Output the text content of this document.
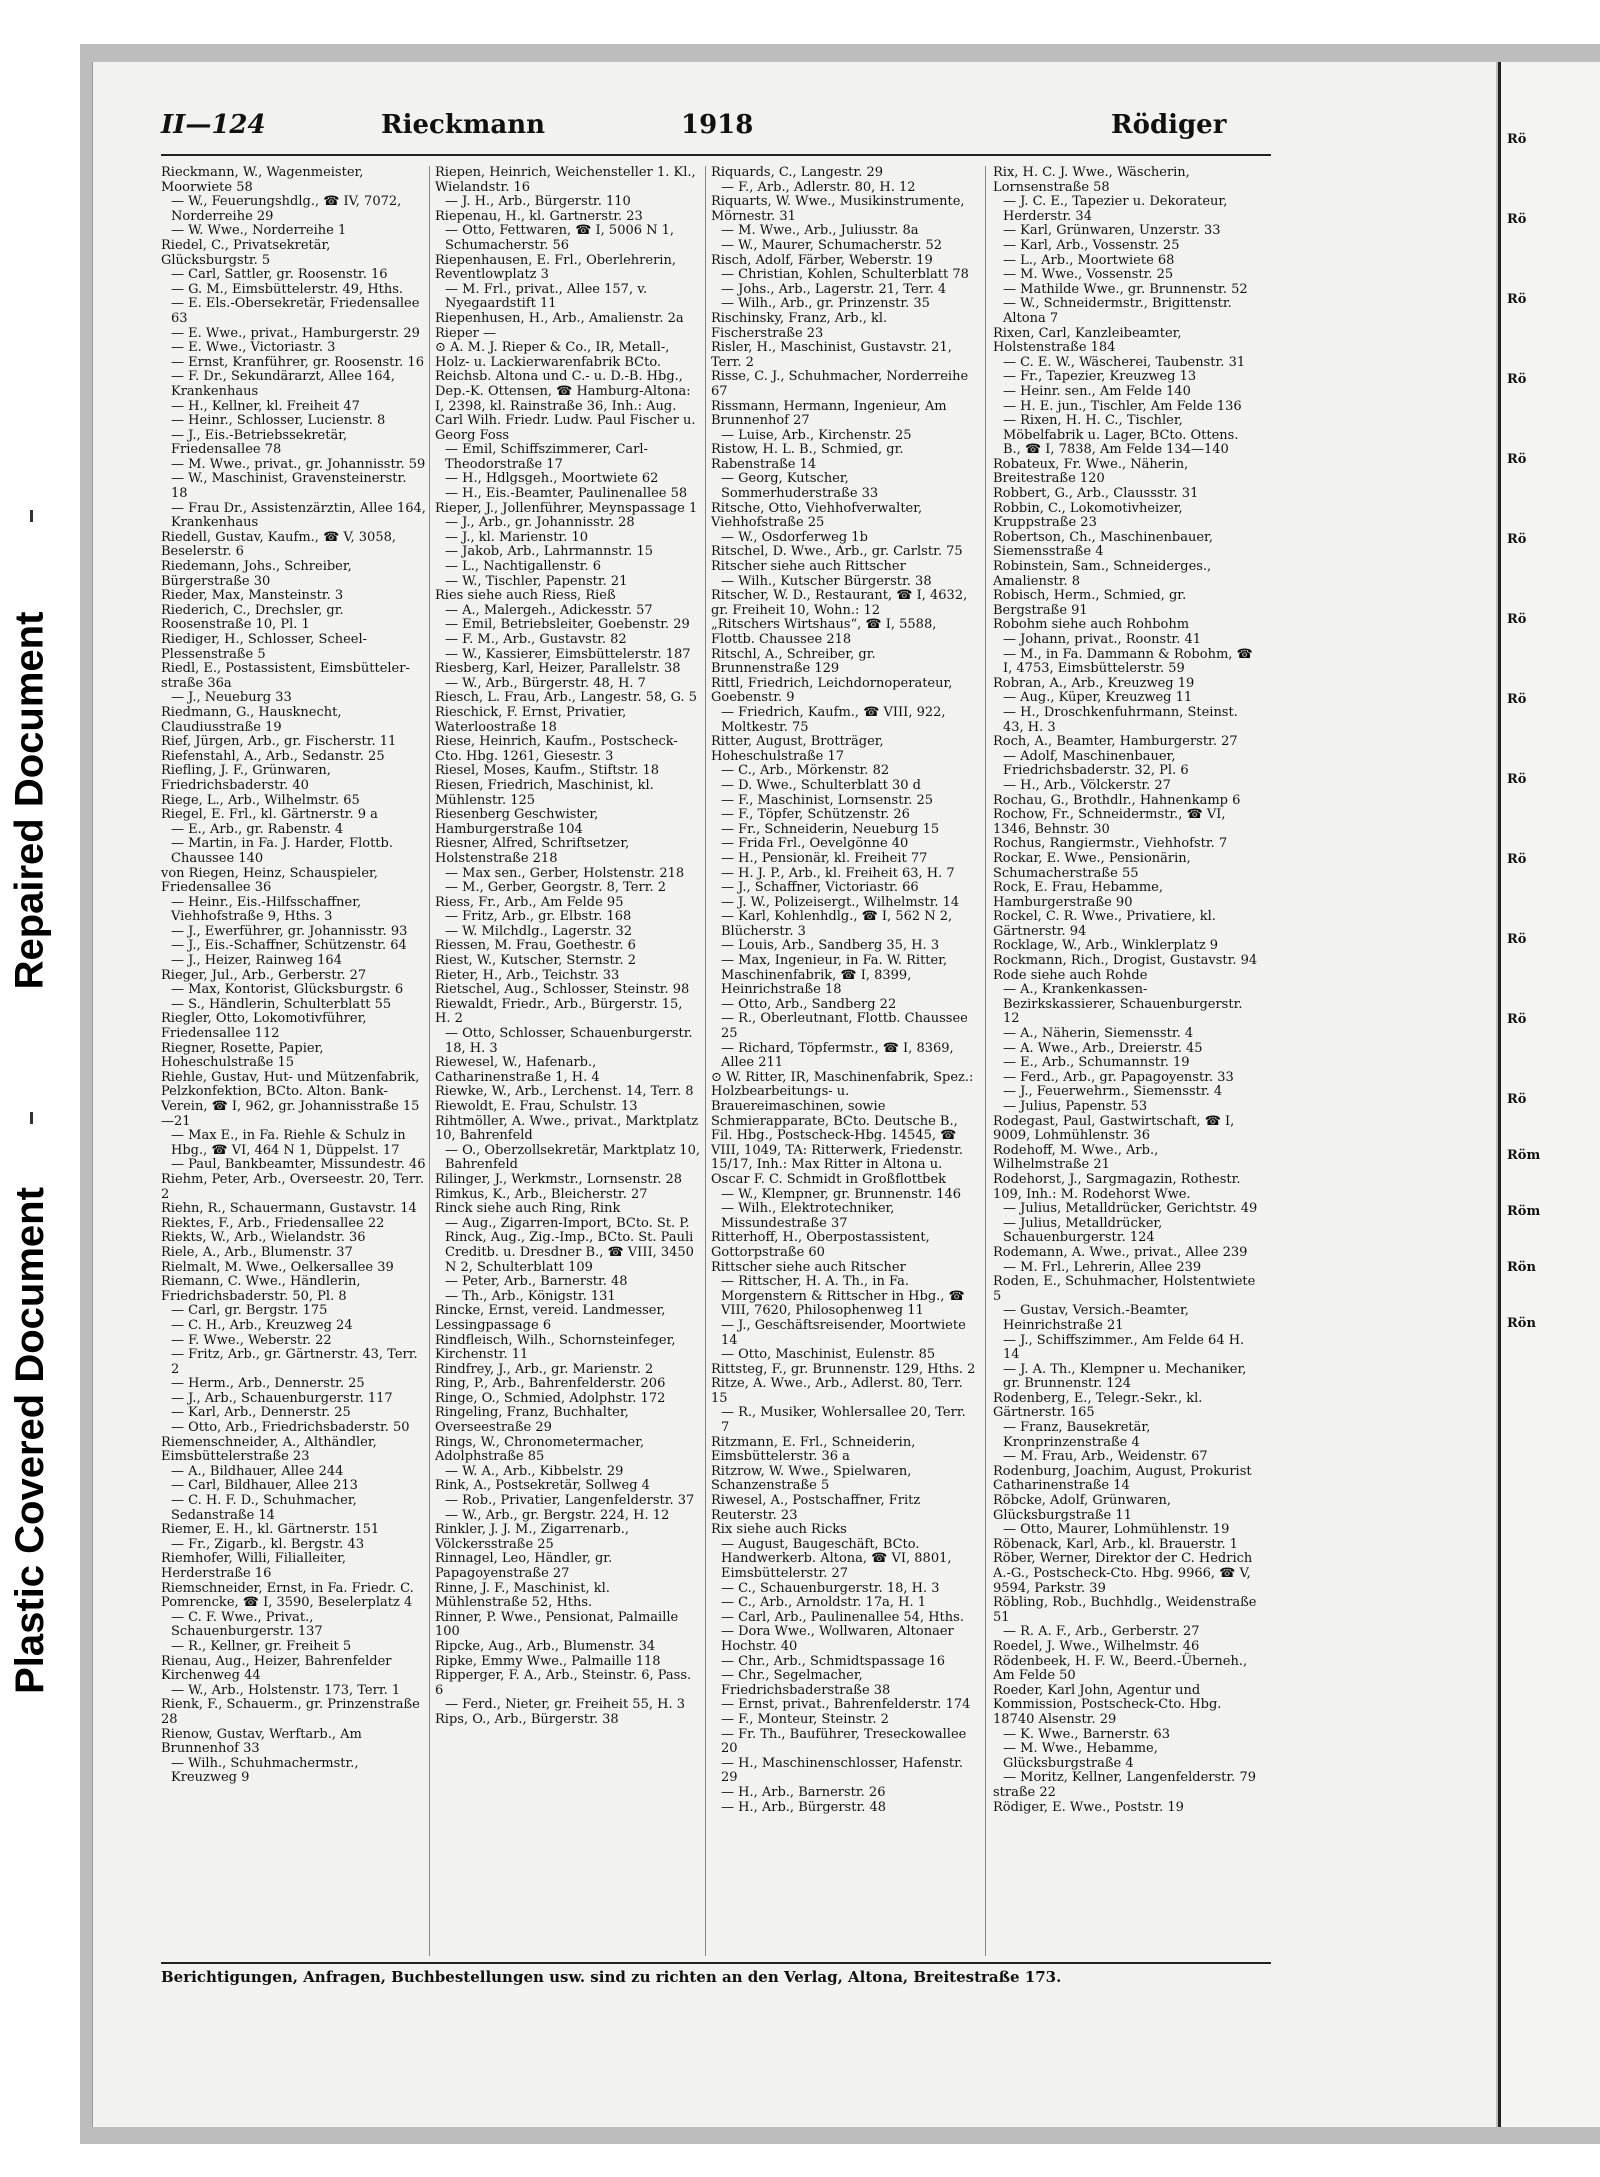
Repaired Document
Plastic Covered Document
II—124	Rieckmann	1918	Rödiger
Rieckmann, W., Wagenmeister, Moorwiete 58
— W., Feuerungshdlg., ☎ IV, 7072, Norderreihe 29
— W. Wwe., Norderreihe 1
Riedel, C., Privatsekretär, Glücksburgstr. 5
— Carl, Sattler, gr. Roosenstr. 16
— G. M., Eimsbüttelerstr. 49, Hths.
— E. Els.-Obersekretär, Friedensallee 63
— E. Wwe., privat., Hamburgerstr. 29
— E. Wwe., Victoriastr. 3
— Ernst, Kranführer, gr. Roosenstr. 16
— F. Dr., Sekundärarzt, Allee 164, Krankenhaus
— H., Kellner, kl. Freiheit 47
— Heinr., Schlosser, Lucienstr. 8
— J., Eis.-Betriebssekretär, Friedensallee 78
— M. Wwe., privat., gr. Johannisstr. 59
— W., Maschinist, Gravensteinerstr. 18
— Frau Dr., Assistenzärztin, Allee 164, Krankenhaus
Riedell, Gustav, Kaufm., ☎ V, 3058, Beselerstr. 6
Riedemann, Johs., Schreiber, Bürgerstraße 30
Rieder, Max, Mansteinstr. 3
Riederich, C., Drechsler, gr. Roosenstraße 10, Pl. 1
Riediger, H., Schlosser, Scheel-Plessenstraße 5
Riedl, E., Postassistent, Eimsbütteler-straße 36a
— J., Neueburg 33
Riedmann, G., Hausknecht, Claudiusstraße 19
Rief, Jürgen, Arb., gr. Fischerstr. 11
Riefenstahl, A., Arb., Sedanstr. 25
Riefling, J. F., Grünwaren, Friedrichsbaderstr. 40
Riege, L., Arb., Wilhelmstr. 65
Riegel, E. Frl., kl. Gärtnerstr. 9 a
— E., Arb., gr. Rabenstr. 4
— Martin, in Fa. J. Harder, Flottb. Chaussee 140
von Riegen, Heinz, Schauspieler, Friedensallee 36
— Heinr., Eis.-Hilfsschaffner, Viehhofstraße 9, Hths. 3
— J., Ewerführer, gr. Johannisstr. 93
— J., Eis.-Schaffner, Schützenstr. 64
— J., Heizer, Rainweg 164
Rieger, Jul., Arb., Gerberstr. 27
— Max, Kontorist, Glücksburgstr. 6
— S., Händlerin, Schulterblatt 55
Riegler, Otto, Lokomotivführer, Friedensallee 112
Riegner, Rosette, Papier, Hoheschulstraße 15
Riehle, Gustav, Hut- und Mützenfabrik, Pelzkonfektion, BCto. Alton. Bank-Verein, ☎ I, 962, gr. Johannisstraße 15—21
— Max E., in Fa. Riehle & Schulz in Hbg., ☎ VI, 464 N 1, Düppelst. 17
— Paul, Bankbeamter, Missundestr. 46
Riehm, Peter, Arb., Overseestr. 20, Terr. 2
Riehn, R., Schauermann, Gustavstr. 14
Riektes, F., Arb., Friedensallee 22
Riekts, W., Arb., Wielandstr. 36
Riele, A., Arb., Blumenstr. 37
Rielmalt, M. Wwe., Oelkersallee 39
Riemann, C. Wwe., Händlerin, Friedrichsbaderstr. 50, Pl. 8
— Carl, gr. Bergstr. 175
— C. H., Arb., Kreuzweg 24
— F. Wwe., Weberstr. 22
— Fritz, Arb., gr. Gärtnerstr. 43, Terr. 2
— Herm., Arb., Dennerstr. 25
— J., Arb., Schauenburgerstr. 117
— Karl, Arb., Dennerstr. 25
— Otto, Arb., Friedrichsbaderstr. 50
Riemenschneider, A., Althändler, Eimsbüttelerstraße 23
— A., Bildhauer, Allee 244
— Carl, Bildhauer, Allee 213
— C. H. F. D., Schuhmacher, Sedanstraße 14
Riemer, E. H., kl. Gärtnerstr. 151
— Fr., Zigarb., kl. Bergstr. 43
Riemhofer, Willi, Filialleiter, Herderstraße 16
Riemschneider, Ernst, in Fa. Friedr. C. Pomrencke, ☎ I, 3590, Beselerplatz 4
— C. F. Wwe., Privat., Schauenburgerstr. 137
— R., Kellner, gr. Freiheit 5
Rienau, Aug., Heizer, Bahrenfelder Kirchenweg 44
— W., Arb., Holstenstr. 173, Terr. 1
Rienk, F., Schauerm., gr. Prinzenstraße 28
Rienow, Gustav, Werftarb., Am Brunnenhof 33
— Wilh., Schuhmachermstr., Kreuzweg 9
Riepen, Heinrich, Weichensteller 1. Kl., Wielandstr. 16
— J. H., Arb., Bürgerstr. 110
Riepenau, H., kl. Gartnerstr. 23
— Otto, Fettwaren, ☎ I, 5006 N 1, Schumacherstr. 56
Riepenhausen, E. Frl., Oberlehrerin, Reventlowplatz 3
— M. Frl., privat., Allee 157, v. Nyegaardstift 11
Riepenhusen, H., Arb., Amalienstr. 2a
Rieper —
⊙ A. M. J. Rieper & Co., IR, Metall-, Holz- u. Lackierwarenfabrik BCto. Reichsb. Altona und C.- u. D.-B. Hbg., Dep.-K. Ottensen, ☎ Hamburg-Altona: I, 2398, kl. Rainstraße 36, Inh.: Aug. Carl Wilh. Friedr. Ludw. Paul Fischer u. Georg Foss
— Emil, Schiffszimmerer, Carl-Theodorstraße 17
— H., Hdlgsgeh., Moortwiete 62
— H., Eis.-Beamter, Paulinenallee 58
Rieper, J., Jollenführer, Meynspassage 1
— J., Arb., gr. Johannisstr. 28
— J., kl. Marienstr. 10
— Jakob, Arb., Lahrmannstr. 15
— L., Nachtigallenstr. 6
— W., Tischler, Papenstr. 21
Ries siehe auch Riess, Rieß
— A., Malergeh., Adickesstr. 57
— Emil, Betriebsleiter, Goebenstr. 29
— F. M., Arb., Gustavstr. 82
— W., Kassierer, Eimsbüttelerstr. 187
Riesberg, Karl, Heizer, Parallelstr. 38
— W., Arb., Bürgerstr. 48, H. 7
Riesch, L. Frau, Arb., Langestr. 58, G. 5
Rieschick, F. Ernst, Privatier, Waterloostraße 18
Riese, Heinrich, Kaufm., Postscheck-Cto. Hbg. 1261, Giesestr. 3
Riesel, Moses, Kaufm., Stiftstr. 18
Riesen, Friedrich, Maschinist, kl. Mühlenstr. 125
Riesenberg Geschwister, Hamburgerstraße 104
Riesner, Alfred, Schriftsetzer, Holstenstraße 218
— Max sen., Gerber, Holstenstr. 218
— M., Gerber, Georgstr. 8, Terr. 2
Riess, Fr., Arb., Am Felde 95
— Fritz, Arb., gr. Elbstr. 168
— W. Milchdlg., Lagerstr. 32
Riessen, M. Frau, Goethestr. 6
Riest, W., Kutscher, Sternstr. 2
Rieter, H., Arb., Teichstr. 33
Rietschel, Aug., Schlosser, Steinstr. 98
Riewaldt, Friedr., Arb., Bürgerstr. 15, H. 2
— Otto, Schlosser, Schauenburgerstr. 18, H. 3
Riewesel, W., Hafenarb., Catharinenstraße 1, H. 4
Riewke, W., Arb., Lerchenst. 14, Terr. 8
Riewoldt, E. Frau, Schulstr. 13
Rihtmöller, A. Wwe., privat., Marktplatz 10, Bahrenfeld
— O., Oberzollsekretär, Marktplatz 10, Bahrenfeld
Rilinger, J., Werkmstr., Lornsenstr. 28
Rimkus, K., Arb., Bleicherstr. 27
Rinck siehe auch Ring, Rink
— Aug., Zigarren-Import, BCto. St. P. Rinck, Aug., Zig.-Imp., BCto. St. Pauli Creditb. u. Dresdner B., ☎ VIII, 3450 N 2, Schulterblatt 109
— Peter, Arb., Barnerstr. 48
— Th., Arb., Königstr. 131
Rincke, Ernst, vereid. Landmesser, Lessingpassage 6
Rindfleisch, Wilh., Schornsteinfeger, Kirchenstr. 11
Rindfrey, J., Arb., gr. Marienstr. 2
Ring, P., Arb., Bahrenfelderstr. 206
Ringe, O., Schmied, Adolphstr. 172
Ringeling, Franz, Buchhalter, Overseestraße 29
Rings, W., Chronometermacher, Adolphstraße 85
— W. A., Arb., Kibbelstr. 29
Rink, A., Postsekretär, Sollweg 4
— Rob., Privatier, Langenfelderstr. 37
— W., Arb., gr. Bergstr. 224, H. 12
Rinkler, J. J. M., Zigarrenarb., Völckersstraße 25
Rinnagel, Leo, Händler, gr. Papagoyenstraße 27
Rinne, J. F., Maschinist, kl. Mühlenstraße 52, Hths.
Rinner, P. Wwe., Pensionat, Palmaille 100
Ripcke, Aug., Arb., Blumenstr. 34
Ripke, Emmy Wwe., Palmaille 118
Ripperger, F. A., Arb., Steinstr. 6, Pass. 6
— Ferd., Nieter, gr. Freiheit 55, H. 3
Rips, O., Arb., Bürgerstr. 38
Riquards, C., Langestr. 29
— F., Arb., Adlerstr. 80, H. 12
Riquarts, W. Wwe., Musikinstrumente, Mörnestr. 31
— M. Wwe., Arb., Juliusstr. 8a
— W., Maurer, Schumacherstr. 52
Risch, Adolf, Färber, Weberstr. 19
— Christian, Kohlen, Schulterblatt 78
— Johs., Arb., Lagerstr. 21, Terr. 4
— Wilh., Arb., gr. Prinzenstr. 35
Rischinsky, Franz, Arb., kl. Fischerstraße 23
Risler, H., Maschinist, Gustavstr. 21, Terr. 2
Risse, C. J., Schuhmacher, Norderreihe 67
Rissmann, Hermann, Ingenieur, Am Brunnenhof 27
— Luise, Arb., Kirchenstr. 25
Ristow, H. L. B., Schmied, gr. Rabenstraße 14
— Georg, Kutscher, Sommerhuderstraße 33
Ritsche, Otto, Viehhofverwalter, Viehhofstraße 25
— W., Osdorferweg 1b
Ritschel, D. Wwe., Arb., gr. Carlstr. 75
Ritscher siehe auch Rittscher
— Wilh., Kutscher Bürgerstr. 38
Ritscher, W. D., Restaurant, ☎ I, 4632, gr. Freiheit 10, Wohn.: 12
„Ritschers Wirtshaus“, ☎ I, 5588, Flottb. Chaussee 218
Ritschl, A., Schreiber, gr. Brunnenstraße 129
Rittl, Friedrich, Leichdornoperateur, Goebenstr. 9
— Friedrich, Kaufm., ☎ VIII, 922, Moltkestr. 75
Ritter, August, Brotträger, Hoheschulstraße 17
— C., Arb., Mörkenstr. 82
— D. Wwe., Schulterblatt 30 d
— F., Maschinist, Lornsenstr. 25
— F., Töpfer, Schützenstr. 26
— Fr., Schneiderin, Neueburg 15
— Frida Frl., Oevelgönne 40
— H., Pensionär, kl. Freiheit 77
— H. J. P., Arb., kl. Freiheit 63, H. 7
— J., Schaffner, Victoriastr. 66
— J. W., Polizeisergt., Wilhelmstr. 14
— Karl, Kohlenhdlg., ☎ I, 562 N 2, Blücherstr. 3
— Louis, Arb., Sandberg 35, H. 3
— Max, Ingenieur, in Fa. W. Ritter, Maschinenfabrik, ☎ I, 8399, Heinrichstraße 18
— Otto, Arb., Sandberg 22
— R., Oberleutnant, Flottb. Chaussee 25
— Richard, Töpfermstr., ☎ I, 8369, Allee 211
⊙ W. Ritter, IR, Maschinenfabrik, Spez.: Holzbearbeitungs- u. Brauereimaschinen, sowie Schmierapparate, BCto. Deutsche B., Fil. Hbg., Postscheck-Hbg. 14545, ☎ VIII, 1049, TA: Ritterwerk, Friedenstr. 15/17, Inh.: Max Ritter in Altona u. Oscar F. C. Schmidt in Großflottbek
— W., Klempner, gr. Brunnenstr. 146
— Wilh., Elektrotechniker, Missundestraße 37
Ritterhoff, H., Oberpostassistent, Gottorpstraße 60
Rittscher siehe auch Ritscher
— Rittscher, H. A. Th., in Fa. Morgenstern & Rittscher in Hbg., ☎ VIII, 7620, Philosophenweg 11
— J., Geschäftsreisender, Moortwiete 14
— Otto, Maschinist, Eulenstr. 85
Rittsteg, F., gr. Brunnenstr. 129, Hths. 2
Ritze, A. Wwe., Arb., Adlerst. 80, Terr. 15
— R., Musiker, Wohlersallee 20, Terr. 7
Ritzmann, E. Frl., Schneiderin, Eimsbüttelerstr. 36 a
Ritzrow, W. Wwe., Spielwaren, Schanzenstraße 5
Riwesel, A., Postschaffner, Fritz Reuterstr. 23
Rix siehe auch Ricks
— August, Baugeschäft, BCto. Handwerkerb. Altona, ☎ VI, 8801, Eimsbüttelerstr. 27
— C., Schauenburgerstr. 18, H. 3
— C., Arb., Arnoldstr. 17a, H. 1
— Carl, Arb., Paulinenallee 54, Hths.
— Dora Wwe., Wollwaren, Altonaer Hochstr. 40
— Chr., Arb., Schmidtspassage 16
— Chr., Segelmacher, Friedrichsbaderstraße 38
— Ernst, privat., Bahrenfelderstr. 174
— F., Monteur, Steinstr. 2
— Fr. Th., Bauführer, Treseckowallee 20
— H., Maschinenschlosser, Hafenstr. 29
— H., Arb., Barnerstr. 26
— H., Arb., Bürgerstr. 48
Rix, H. C. J. Wwe., Wäscherin, Lornsenstraße 58
— J. C. E., Tapezier u. Dekorateur, Herderstr. 34
— Karl, Grünwaren, Unzerstr. 33
— Karl, Arb., Vossenstr. 25
— L., Arb., Moortwiete 68
— M. Wwe., Vossenstr. 25
— Mathilde Wwe., gr. Brunnenstr. 52
— W., Schneidermstr., Brigittenstr. Altona 7
Rixen, Carl, Kanzleibeamter, Holstenstraße 184
— C. E. W., Wäscherei, Taubenstr. 31
— Fr., Tapezier, Kreuzweg 13
— Heinr. sen., Am Felde 140
— H. E. jun., Tischler, Am Felde 136
— Rixen, H. H. C., Tischler, Möbelfabrik u. Lager, BCto. Ottens. B., ☎ I, 7838, Am Felde 134—140
Robateux, Fr. Wwe., Näherin, Breitestraße 120
Robbert, G., Arb., Claussstr. 31
Robbin, C., Lokomotivheizer, Kruppstraße 23
Robertson, Ch., Maschinenbauer, Siemensstraße 4
Robinstein, Sam., Schneiderges., Amalienstr. 8
Robisch, Herm., Schmied, gr. Bergstraße 91
Robohm siehe auch Rohbohm
— Johann, privat., Roonstr. 41
— M., in Fa. Dammann & Robohm, ☎ I, 4753, Eimsbüttelerstr. 59
Robran, A., Arb., Kreuzweg 19
— Aug., Küper, Kreuzweg 11
— H., Droschkenfuhrmann, Steinst. 43, H. 3
Roch, A., Beamter, Hamburgerstr. 27
— Adolf, Maschinenbauer, Friedrichsbaderstr. 32, Pl. 6
— H., Arb., Völckerstr. 27
Rochau, G., Brothdlr., Hahnenkamp 6
Rochow, Fr., Schneidermstr., ☎ VI, 1346, Behnstr. 30
Rochus, Rangiermstr., Viehhofstr. 7
Rockar, E. Wwe., Pensionärin, Schumacherstraße 55
Rock, E. Frau, Hebamme, Hamburgerstraße 90
Rockel, C. R. Wwe., Privatiere, kl. Gärtnerstr. 94
Rocklage, W., Arb., Winklerplatz 9
Rockmann, Rich., Drogist, Gustavstr. 94
Rode siehe auch Rohde
— A., Krankenkassen-Bezirkskassierer, Schauenburgerstr. 12
— A., Näherin, Siemensstr. 4
— A. Wwe., Arb., Dreierstr. 45
— E., Arb., Schumannstr. 19
— Ferd., Arb., gr. Papagoyenstr. 33
— J., Feuerwehrm., Siemensstr. 4
— Julius, Papenstr. 53
Rodegast, Paul, Gastwirtschaft, ☎ I, 9009, Lohmühlenstr. 36
Rodehoff, M. Wwe., Arb., Wilhelmstraße 21
Rodehorst, J., Sargmagazin, Rothestr. 109, Inh.: M. Rodehorst Wwe.
— Julius, Metalldrücker, Gerichtstr. 49
— Julius, Metalldrücker, Schauenburgerstr. 124
Rodemann, A. Wwe., privat., Allee 239
— M. Frl., Lehrerin, Allee 239
Roden, E., Schuhmacher, Holstentwiete 5
— Gustav, Versich.-Beamter, Heinrichstraße 21
— J., Schiffszimmer., Am Felde 64 H. 14
— J. A. Th., Klempner u. Mechaniker, gr. Brunnenstr. 124
Rodenberg, E., Telegr.-Sekr., kl. Gärtnerstr. 165
— Franz, Bausekretär, Kronprinzenstraße 4
— M. Frau, Arb., Weidenstr. 67
Rodenburg, Joachim, August, Prokurist Catharinenstraße 14
Röbcke, Adolf, Grünwaren, Glücksburgstraße 11
— Otto, Maurer, Lohmühlenstr. 19
Röbenack, Karl, Arb., kl. Brauerstr. 1
Röber, Werner, Direktor der C. Hedrich A.-G., Postscheck-Cto. Hbg. 9966, ☎ V, 9594, Parkstr. 39
Röbling, Rob., Buchhdlg., Weidenstraße 51
— R. A. F., Arb., Gerberstr. 27
Roedel, J. Wwe., Wilhelmstr. 46
Rödenbeek, H. F. W., Beerd.-Überneh., Am Felde 50
Roeder, Karl John, Agentur und Kommission, Postscheck-Cto. Hbg. 18740 Alsenstr. 29
— K. Wwe., Barnerstr. 63
— M. Wwe., Hebamme, Glücksburgstraße 4
— Moritz, Kellner, Langenfelderstr. 79
straße 22
Rödiger, E. Wwe., Poststr. 19
Berichtigungen, Anfragen, Buchbestellungen usw. sind zu richten an den Verlag, Altona, Breitestraße 173.
Rö
Rö
Rö
Rö
Rö
Rö
Rö
Rö
Rö
Rö
Rö
Rö
Rö
Röm
Röm
Rön
Rön
